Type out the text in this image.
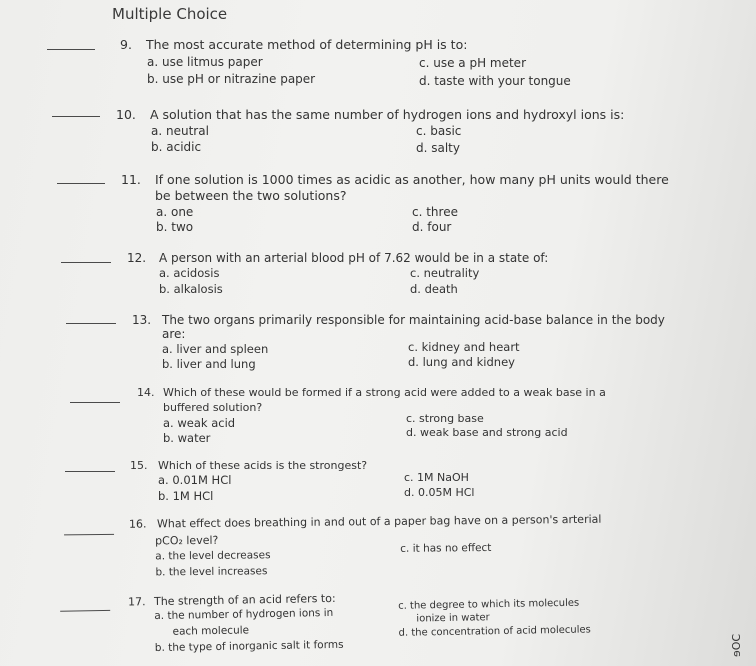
Multiple Choice
9. The most accurate method of determining pH is to:
a. use litmus paper
b. use pH or nitrazine paper
c. use a pH meter
d. taste with your tongue
10. A solution that has the same number of hydrogen ions and hydroxyl ions is:
a. neutral
b. acidic
c. basic
d. salty
11. If one solution is 1000 times as acidic as another, how many pH units would there
be between the two solutions?
a. one
b. two
c. three
d. four
12. A person with an arterial blood pH of 7.62 would be in a state of:
a. acidosis
b. alkalosis
c. neutrality
d. death
13. The two organs primarily responsible for maintaining acid-base balance in the body
are:
a. liver and spleen
b. liver and lung
c. kidney and heart
d. lung and kidney
14. Which of these would be formed if a strong acid were added to a weak base in a
buffered solution?
a. weak acid
b. water
c. strong base
d. weak base and strong acid
15. Which of these acids is the strongest?
a. 0.01M HCl
b. 1M HCl
c. 1M NaOH
d. 0.05M HCl
16. What effect does breathing in and out of a paper bag have on a person's arterial
pCO₂ level?
a. the level decreases
b. the level increases
c. it has no effect
17. The strength of an acid refers to:
a. the number of hydrogen ions in
each molecule
b. the type of inorganic salt it forms
c. the degree to which its molecules
ionize in water
d. the concentration of acid molecules
ɘOC
